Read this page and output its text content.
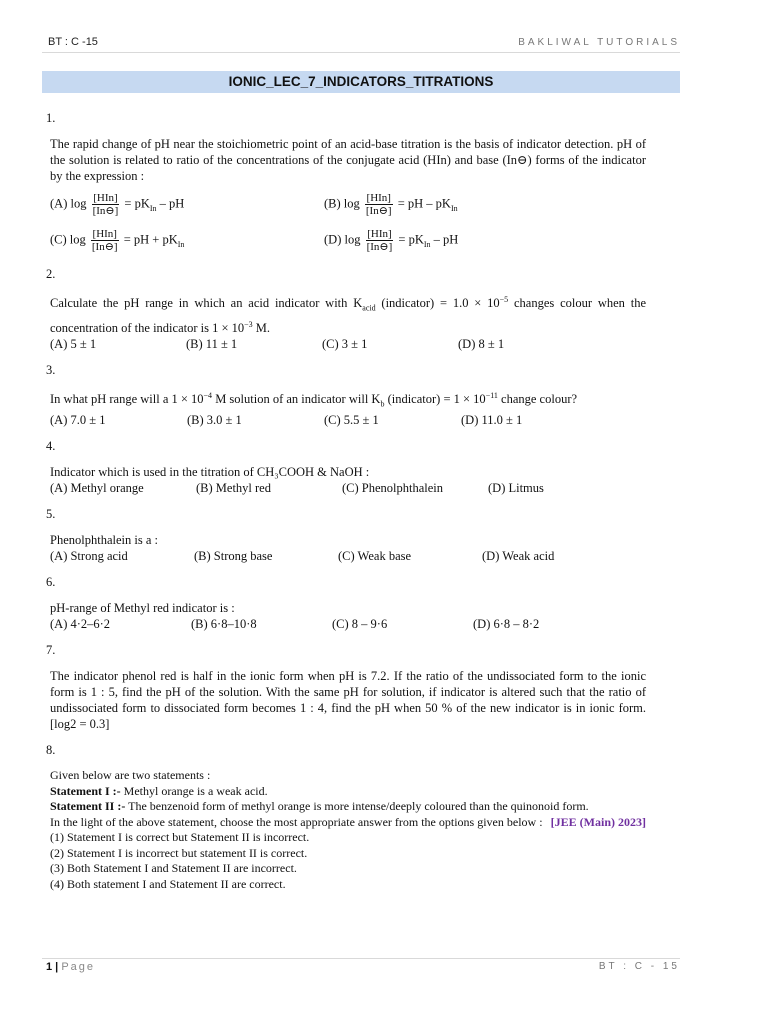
BT : C -15	BAKLIWAL TUTORIALS
IONIC_LEC_7_INDICATORS_TITRATIONS
1.
The rapid change of pH near the stoichiometric point of an acid-base titration is the basis of indicator detection. pH of the solution is related to ratio of the concentrations of the conjugate acid (HIn) and base (In⊖) forms of the indicator by the expression :
(A) $\log \frac{\text{[HIn]}}{[In⊖]} = pK_{In}$ – pH	(B) $\log \frac{\text{[HIn]}}{[In⊖]}$ = pH – $pK_{In}$
(C) $\log \frac{\text{[HIn]}}{[In⊖]}$ = pH + $pK_{In}$	(D) $\log \frac{\text{[HIn]}}{[In⊖]} = pK_{In}$ – pH
2.
Calculate the pH range in which an acid indicator with $K_{acid}$ (indicator) = $1.0 \times 10^{-5}$ changes colour when the concentration of the indicator is $1 \times 10^{-3}$ M.
(A) 5 ± 1	(B) 11 ± 1	(C) 3 ± 1	(D) 8 ± 1
3.
In what pH range will a $1 \times 10^{-4}$ M solution of an indicator will $K_b$ (indicator) = $1 \times 10^{-11}$ change colour?
(A) 7.0 ± 1	(B) 3.0 ± 1	(C) 5.5 ± 1	(D) 11.0 ± 1
4.
Indicator which is used in the titration of CH₃COOH & NaOH :
(A) Methyl orange	(B) Methyl red	(C) Phenolphthalein	(D) Litmus
5.
Phenolphthalein is a :
(A) Strong acid	(B) Strong base	(C) Weak base	(D) Weak acid
6.
pH-range of Methyl red indicator is :
(A) 4·2–6·2	(B) 6·8–10·8	(C) 8 – 9·6	(D) 6·8 – 8·2
7.
The indicator phenol red is half in the ionic form when pH is 7.2. If the ratio of the undissociated form to the ionic form is 1 : 5, find the pH of the solution. With the same pH for solution, if indicator is altered such that the ratio of undissociated form to dissociated form becomes 1 : 4, find the pH when 50 % of the new indicator is in ionic form. [log2 = 0.3]
8.
Given below are two statements :
Statement I :- Methyl orange is a weak acid.
Statement II :- The benzenoid form of methyl orange is more intense/deeply coloured than the quinonoid form.
In the light of the above statement, choose the most appropriate answer from the options given below : [JEE (Main) 2023]
(1) Statement I is correct but Statement II is incorrect.
(2) Statement I is incorrect but statement II is correct.
(3) Both Statement I and Statement II are incorrect.
(4) Both statement I and Statement II are correct.
1 | Page	BT : C - 15
